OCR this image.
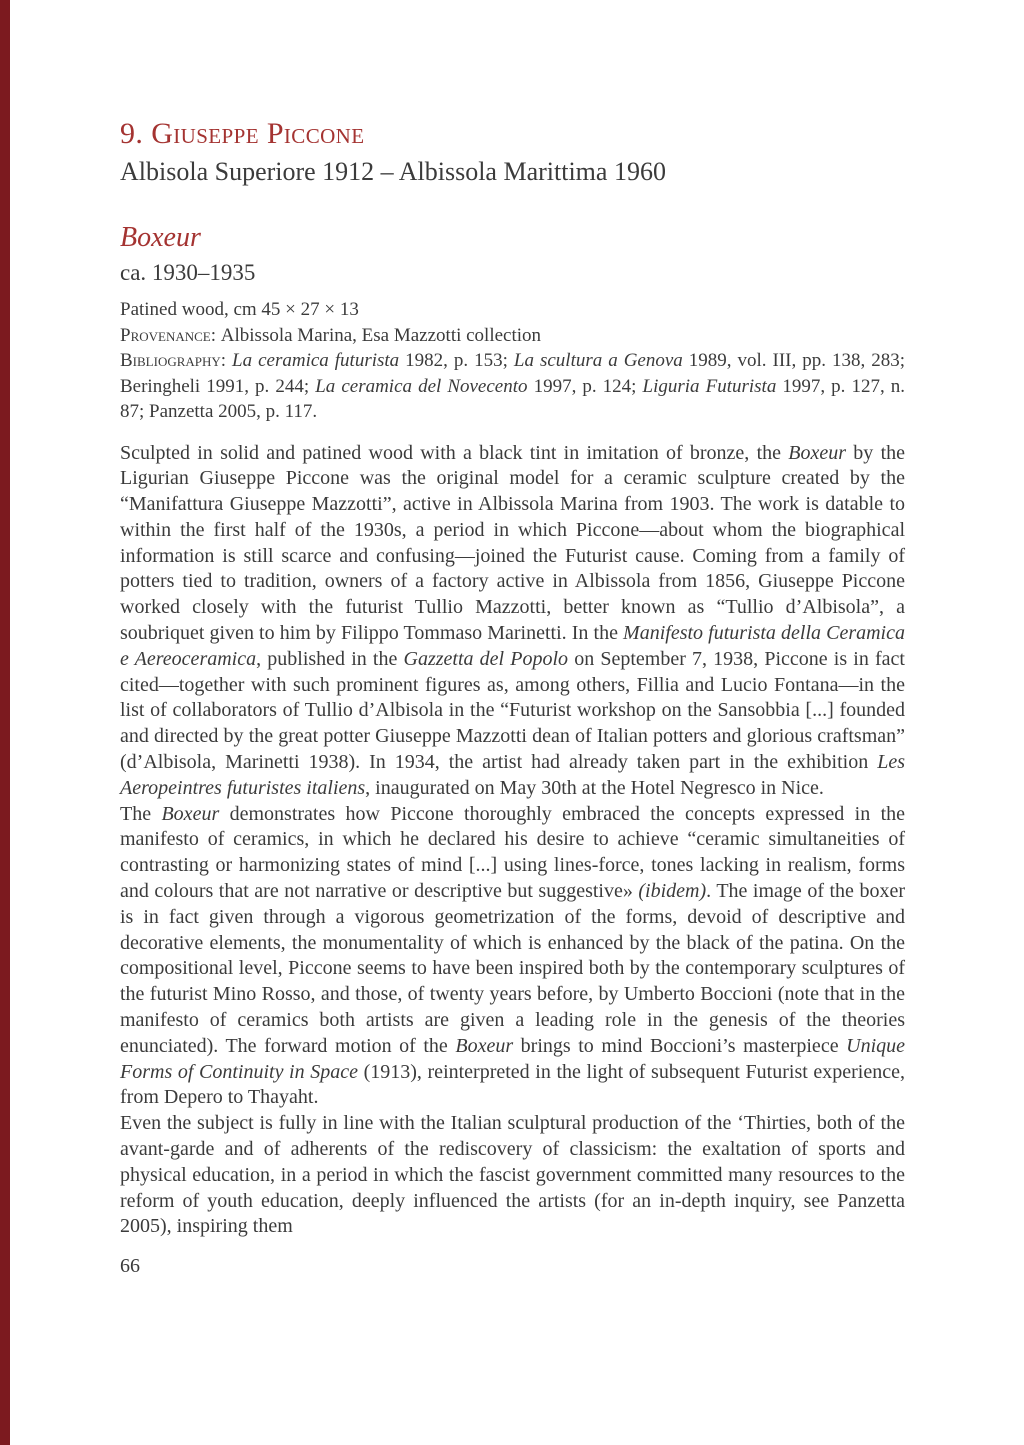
9. Giuseppe Piccone
Albisola Superiore 1912 – Albissola Marittima 1960
Boxeur
ca. 1930–1935

Patined wood, cm 45 × 27 × 13

Provenance: Albissola Marina, Esa Mazzotti collection

Bibliography: La ceramica futurista 1982, p. 153; La scultura a Genova 1989, vol. III, pp. 138, 283; Beringheli 1991, p. 244; La ceramica del Novecento 1997, p. 124; Liguria Futurista 1997, p. 127, n. 87; Panzetta 2005, p. 117.

Sculpted in solid and patined wood with a black tint in imitation of bronze, the Boxeur by the Ligurian Giuseppe Piccone was the original model for a ceramic sculpture created by the “Manifattura Giuseppe Mazzotti”, active in Albissola Marina from 1903. The work is datable to within the first half of the 1930s, a period in which Piccone—about whom the biographical information is still scarce and confusing—joined the Futurist cause. Coming from a family of potters tied to tradition, owners of a factory active in Albissola from 1856, Giuseppe Piccone worked closely with the futurist Tullio Mazzotti, better known as “Tullio d’Albisola”, a soubriquet given to him by Filippo Tommaso Marinetti. In the Manifesto futurista della Ceramica e Aereoceramica, published in the Gazzetta del Popolo on September 7, 1938, Piccone is in fact cited—together with such prominent figures as, among others, Fillia and Lucio Fontana—in the list of collaborators of Tullio d’Albisola in the “Futurist workshop on the Sansobbia [...] founded and directed by the great potter Giuseppe Mazzotti dean of Italian potters and glorious craftsman” (d’Albisola, Marinetti 1938). In 1934, the artist had already taken part in the exhibition Les Aeropeintres futuristes italiens, inaugurated on May 30th at the Hotel Negresco in Nice.

The Boxeur demonstrates how Piccone thoroughly embraced the concepts expressed in the manifesto of ceramics, in which he declared his desire to achieve “ceramic simultaneities of contrasting or harmonizing states of mind [...] using lines-force, tones lacking in realism, forms and colours that are not narrative or descriptive but suggestive» (ibidem). The image of the boxer is in fact given through a vigorous geometrization of the forms, devoid of descriptive and decorative elements, the monumentality of which is enhanced by the black of the patina. On the compositional level, Piccone seems to have been inspired both by the contemporary sculptures of the futurist Mino Rosso, and those, of twenty years before, by Umberto Boccioni (note that in the manifesto of ceramics both artists are given a leading role in the genesis of the theories enunciated). The forward motion of the Boxeur brings to mind Boccioni’s masterpiece Unique Forms of Continuity in Space (1913), reinterpreted in the light of subsequent Futurist experience, from Depero to Thayaht.

Even the subject is fully in line with the Italian sculptural production of the ‘Thirties, both of the avant-garde and of adherents of the rediscovery of classicism: the exaltation of sports and physical education, in a period in which the fascist government committed many resources to the reform of youth education, deeply influenced the artists (for an in-depth inquiry, see Panzetta 2005), inspiring them

66
